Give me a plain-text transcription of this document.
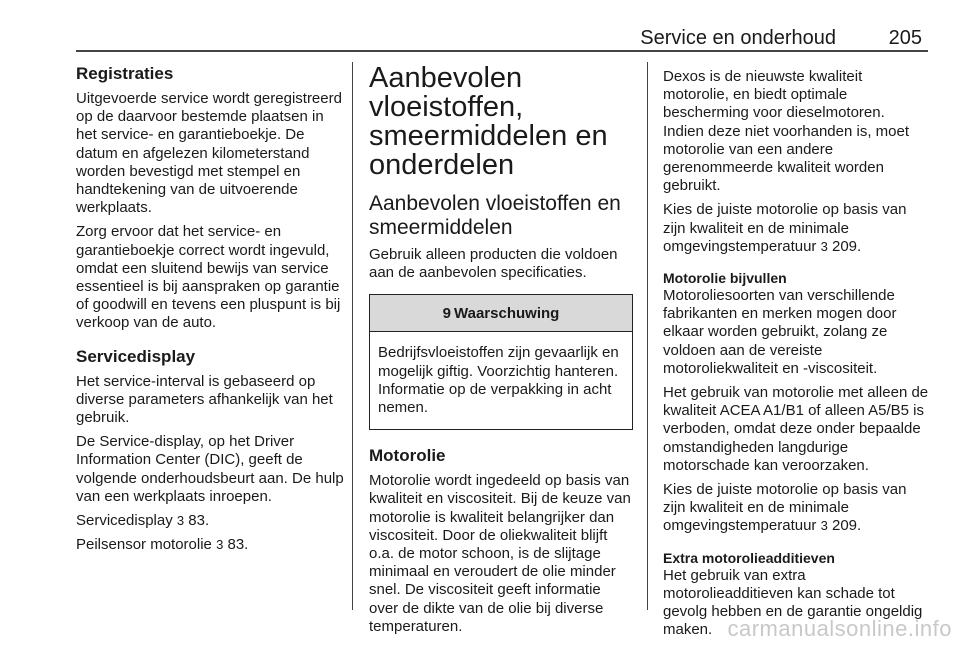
Service en onderhoud	205
Registraties

Uitgevoerde service wordt geregistreerd op de daarvoor bestemde plaatsen in het service- en garantieboekje. De datum en afgelezen kilometerstand worden bevestigd met stempel en handtekening van de uitvoerende werkplaats.

Zorg ervoor dat het service- en garantieboekje correct wordt ingevuld, omdat een sluitend bewijs van service essentieel is bij aanspraken op garantie of goodwill en tevens een pluspunt is bij verkoop van de auto.

Servicedisplay

Het service-interval is gebaseerd op diverse parameters afhankelijk van het gebruik.

De Service-display, op het Driver Information Center (DIC), geeft de volgende onderhoudsbeurt aan. De hulp van een werkplaats inroepen.

Servicedisplay 3 83.

Peilsensor motorolie 3 83.

Aanbevolen
vloeistoffen,
smeermiddelen en
onderdelen
Aanbevolen vloeistoffen en
smeermiddelen

Gebruik alleen producten die voldoen aan de aanbevolen specificaties.

9 Waarschuwing
Bedrijfsvloeistoffen zijn gevaarlijk en mogelijk giftig. Voorzichtig hanteren. Informatie op de verpakking in acht nemen.
Motorolie

Motorolie wordt ingedeeld op basis van kwaliteit en viscositeit. Bij de keuze van motorolie is kwaliteit belangrijker dan viscositeit. Door de oliekwaliteit blijft o.a. de motor schoon, is de slijtage minimaal en veroudert de olie minder snel. De viscositeit geeft informatie over de dikte van de olie bij diverse temperaturen.

Dexos is de nieuwste kwaliteit motorolie, en biedt optimale bescherming voor dieselmotoren. Indien deze niet voorhanden is, moet motorolie van een andere gerenommeerde kwaliteit worden gebruikt.

Kies de juiste motorolie op basis van zijn kwaliteit en de minimale omgevingstemperatuur 3 209.

Motorolie bijvullen

Motoroliesoorten van verschillende fabrikanten en merken mogen door elkaar worden gebruikt, zolang ze voldoen aan de vereiste motoroliekwaliteit en -viscositeit.

Het gebruik van motorolie met alleen de kwaliteit ACEA A1/B1 of alleen A5/B5 is verboden, omdat deze onder bepaalde omstandigheden langdurige motorschade kan veroorzaken.

Kies de juiste motorolie op basis van zijn kwaliteit en de minimale omgevingstemperatuur 3 209.

Extra motorolieadditieven

Het gebruik van extra motorolieadditieven kan schade tot gevolg hebben en de garantie ongeldig maken. carmanualsonline.info
